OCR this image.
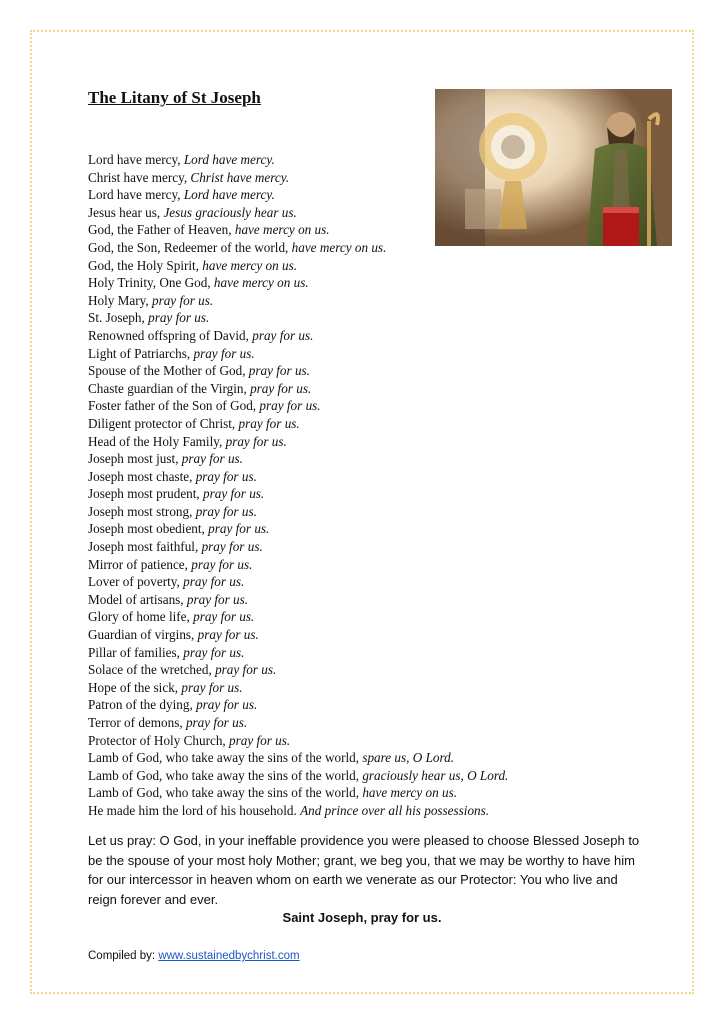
The Litany of St Joseph
Lord have mercy, Lord have mercy.
Christ have mercy, Christ have mercy.
Lord have mercy, Lord have mercy.
Jesus hear us, Jesus graciously hear us.
God, the Father of Heaven, have mercy on us.
God, the Son, Redeemer of the world, have mercy on us.
God, the Holy Spirit, have mercy on us.
Holy Trinity, One God, have mercy on us.
Holy Mary, pray for us.
St. Joseph, pray for us.
Renowned offspring of David, pray for us.
Light of Patriarchs, pray for us.
Spouse of the Mother of God, pray for us.
Chaste guardian of the Virgin, pray for us.
Foster father of the Son of God, pray for us.
Diligent protector of Christ, pray for us.
Head of the Holy Family, pray for us.
Joseph most just, pray for us.
Joseph most chaste, pray for us.
Joseph most prudent, pray for us.
Joseph most strong, pray for us.
Joseph most obedient, pray for us.
Joseph most faithful, pray for us.
Mirror of patience, pray for us.
Lover of poverty, pray for us.
Model of artisans, pray for us.
Glory of home life, pray for us.
Guardian of virgins, pray for us.
Pillar of families, pray for us.
Solace of the wretched, pray for us.
Hope of the sick, pray for us.
Patron of the dying, pray for us.
Terror of demons, pray for us.
Protector of Holy Church, pray for us.
Lamb of God, who take away the sins of the world, spare us, O Lord.
Lamb of God, who take away the sins of the world, graciously hear us, O Lord.
Lamb of God, who take away the sins of the world, have mercy on us.
He made him the lord of his household. And prince over all his possessions.

Let us pray: O God, in your ineffable providence you were pleased to choose Blessed Joseph to be the spouse of your most holy Mother; grant, we beg you, that we may be worthy to have him for our intercessor in heaven whom on earth we venerate as our Protector: You who live and reign forever and ever.

Saint Joseph, pray for us.

Compiled by: www.sustainedbychrist.com
